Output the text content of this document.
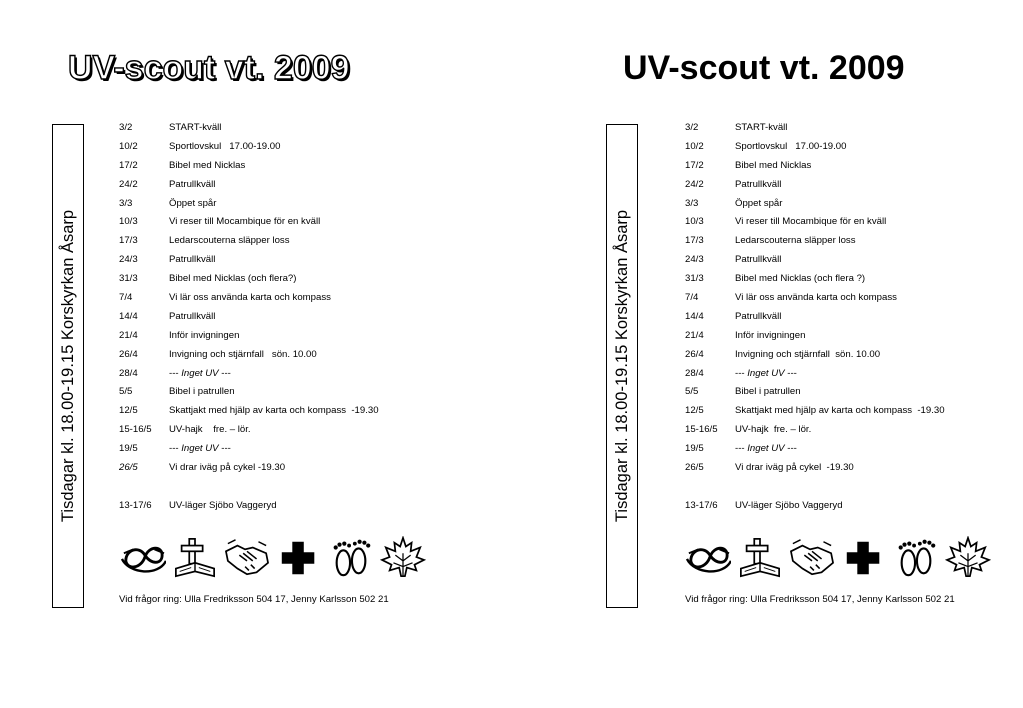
UV-scout vt. 2009
Tisdagar kl. 18.00-19.15 Korskyrkan Åsarp
3/2	START-kväll
10/2	Sportlovskul   17.00-19.00
17/2	Bibel med Nicklas
24/2	Patrullkväll
3/3	Öppet spår
10/3	Vi reser till Mocambique för en kväll
17/3	Ledarscouterna släpper loss
24/3	Patrullkväll
31/3	Bibel med Nicklas (och flera?)
7/4	Vi lär oss använda karta och kompass
14/4	Patrullkväll
21/4	Inför invigningen
26/4	Invigning och stjärnfall   sön. 10.00
28/4	--- Inget UV ---
5/5	Bibel i patrullen
12/5	Skattjakt med hjälp av karta och kompass  -19.30
15-16/5	UV-hajk    fre. – lör.
19/5	--- Inget UV ---
26/5	Vi drar iväg på cykel -19.30
13-17/6	UV-läger Sjöbo Vaggeryd
Vid frågor ring: Ulla Fredriksson 504 17, Jenny Karlsson 502 21
UV-scout vt. 2009
Tisdagar kl. 18.00-19.15 Korskyrkan Åsarp
3/2	START-kväll
10/2	Sportlovskul   17.00-19.00
17/2	Bibel med Nicklas
24/2	Patrullkväll
3/3	Öppet spår
10/3	Vi reser till Mocambique för en kväll
17/3	Ledarscouterna släpper loss
24/3	Patrullkväll
31/3	Bibel med Nicklas (och flera ?)
7/4	Vi lär oss använda karta och kompass
14/4	Patrullkväll
21/4	Inför invigningen
26/4	Invigning och stjärnfall  sön. 10.00
28/4	--- Inget UV ---
5/5	Bibel i patrullen
12/5	Skattjakt med hjälp av karta och kompass  -19.30
15-16/5	UV-hajk  fre. – lör.
19/5	--- Inget UV ---
26/5	Vi drar iväg på cykel  -19.30
13-17/6	UV-läger Sjöbo Vaggeryd
Vid frågor ring: Ulla Fredriksson 504 17, Jenny Karlsson 502 21
